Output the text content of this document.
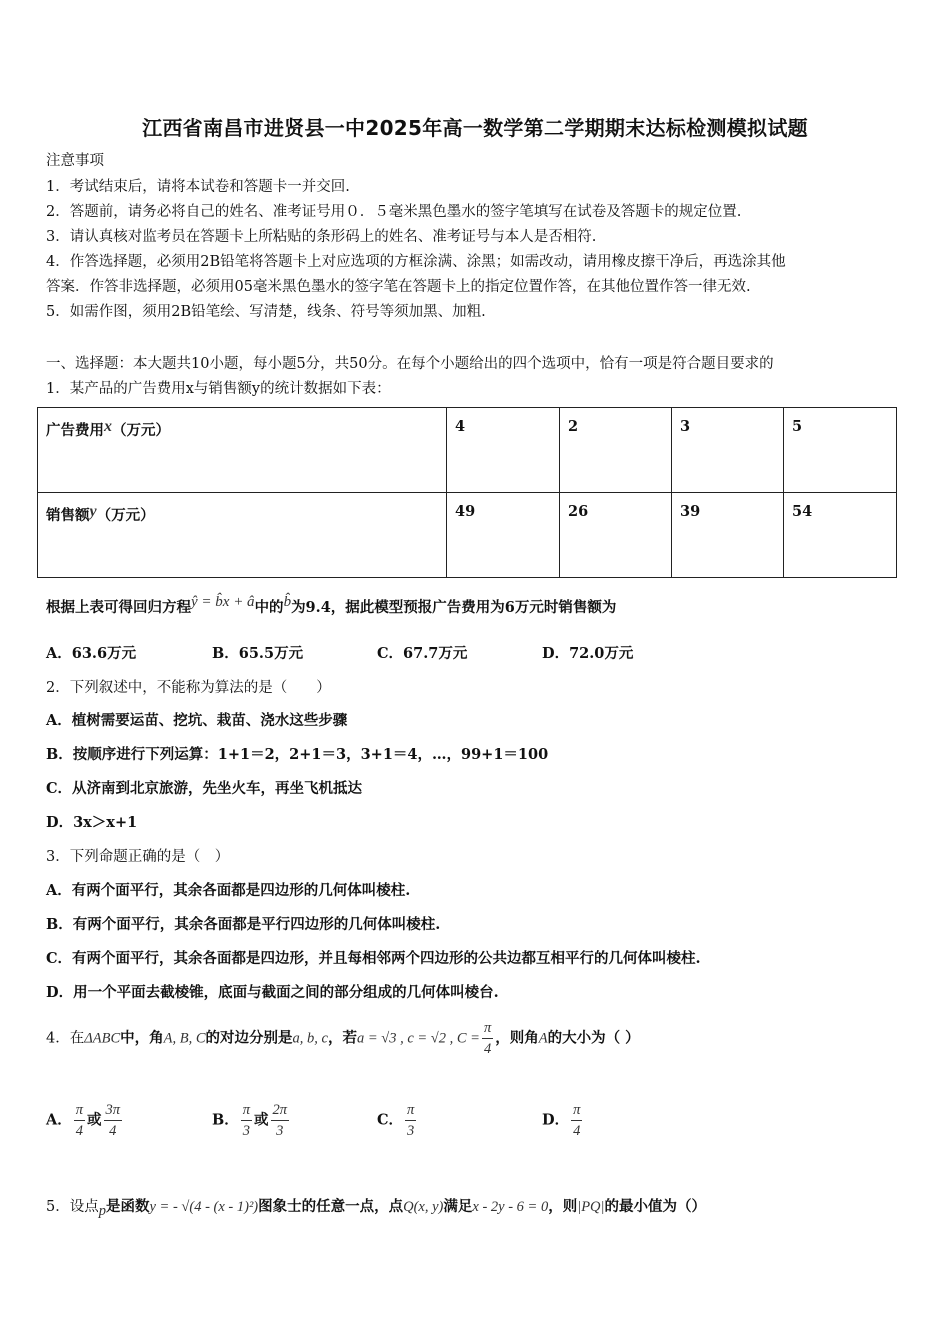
江西省南昌市进贤县一中2025年高一数学第二学期期末达标检测模拟试题
注意事项
1．考试结束后，请将本试卷和答题卡一并交回.
2．答题前，请务必将自己的姓名、准考证号用０．５毫米黑色墨水的签字笔填写在试卷及答题卡的规定位置.
3．请认真核对监考员在答题卡上所粘贴的条形码上的姓名、准考证号与本人是否相符.
4．作答选择题，必须用2B铅笔将答题卡上对应选项的方框涂满、涂黑；如需改动，请用橡皮擦干净后，再选涂其他
答案．作答非选择题，必须用05毫米黑色墨水的签字笔在答题卡上的指定位置作答，在其他位置作答一律无效.
5．如需作图，须用2B铅笔绘、写清楚，线条、符号等须加黑、加粗.
一、选择题：本大题共10小题，每小题5分，共50分。在每个小题给出的四个选项中，恰有一项是符合题目要求的
1．某产品的广告费用x与销售额y的统计数据如下表：
广告费用x（万元）	4	2	3	5
销售额y（万元）	49	26	39	54
根据上表可得回归方程ŷ = b̂x + â中的b̂为9.4，据此模型预报广告费用为6万元时销售额为
A．63.6万元	B．65.5万元	C．67.7万元	D．72.0万元
2．下列叙述中，不能称为算法的是（　　）
A．植树需要运苗、挖坑、栽苗、浇水这些步骤
B．按顺序进行下列运算：1+1＝2，2+1＝3，3+1＝4，…，99+1＝100
C．从济南到北京旅游，先坐火车，再坐飞机抵达
D．3x＞x+1
3．下列命题正确的是（　）
A．有两个面平行，其余各面都是四边形的几何体叫棱柱.
B．有两个面平行，其余各面都是平行四边形的几何体叫棱柱.
C．有两个面平行，其余各面都是四边形，并且每相邻两个四边形的公共边都互相平行的几何体叫棱柱.
D．用一个平面去截棱锥，底面与截面之间的部分组成的几何体叫棱台.
4．在ΔABC中，角A, B, C的对边分别是a, b, c，若a = √3 , c = √2 , $C = \frac{\pi}{4}$ ，则角A的大小为（ ）
A． $\frac{\pi}{4}$ 或 $\frac{3\pi}{4}$	B． $\frac{\pi}{3}$ 或 $\frac{2\pi}{3}$	C． $\frac{\pi}{3}$	D． $\frac{\pi}{4}$
5．设点p是函数y = - √(4 - (x - 1)²)图象士的任意一点，点Q(x, y)满足x - 2y - 6 = 0，则|PQ|的最小值为（）
